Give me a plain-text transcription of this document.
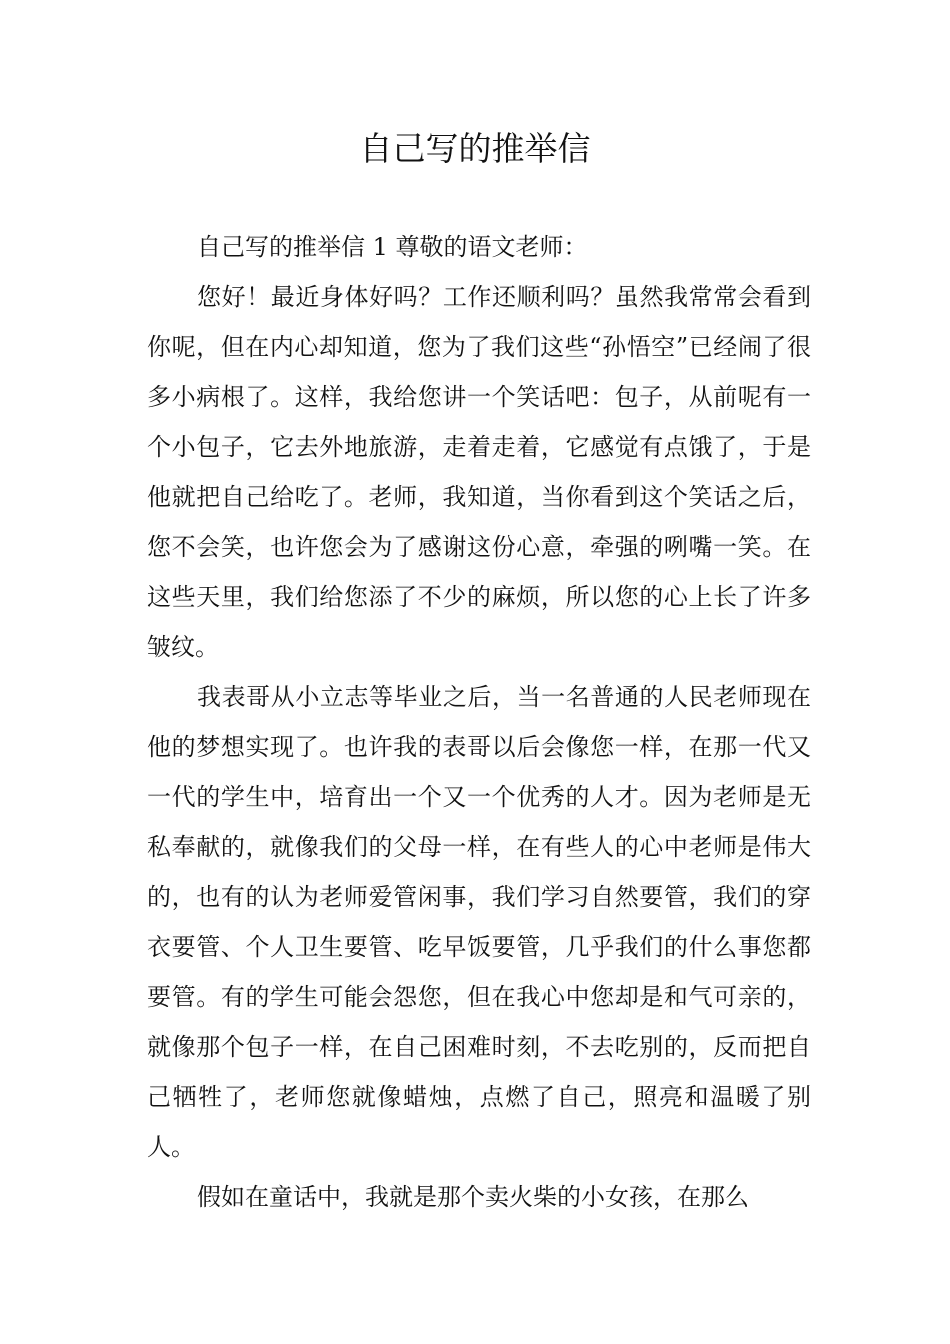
自己写的推举信

自己写的推举信 1 尊敬的语文老师：

您好！最近身体好吗？工作还顺利吗？虽然我常常会看到你呢，但在内心却知道，您为了我们这些“孙悟空”已经闹了很多小病根了。这样，我给您讲一个笑话吧：包子，从前呢有一个小包子，它去外地旅游，走着走着，它感觉有点饿了，于是他就把自己给吃了。老师，我知道，当你看到这个笑话之后，您不会笑，也许您会为了感谢这份心意，牵强的咧嘴一笑。在这些天里，我们给您添了不少的麻烦，所以您的心上长了许多皱纹。

我表哥从小立志等毕业之后，当一名普通的人民老师现在他的梦想实现了。也许我的表哥以后会像您一样，在那一代又一代的学生中，培育出一个又一个优秀的人才。因为老师是无私奉献的，就像我们的父母一样，在有些人的心中老师是伟大的，也有的认为老师爱管闲事，我们学习自然要管，我们的穿衣要管、个人卫生要管、吃早饭要管，几乎我们的什么事您都要管。有的学生可能会怨您，但在我心中您却是和气可亲的，就像那个包子一样，在自己困难时刻，不去吃别的，反而把自己牺牲了，老师您就像蜡烛，点燃了自己，照亮和温暖了别人。

假如在童话中，我就是那个卖火柴的小女孩，在那么
